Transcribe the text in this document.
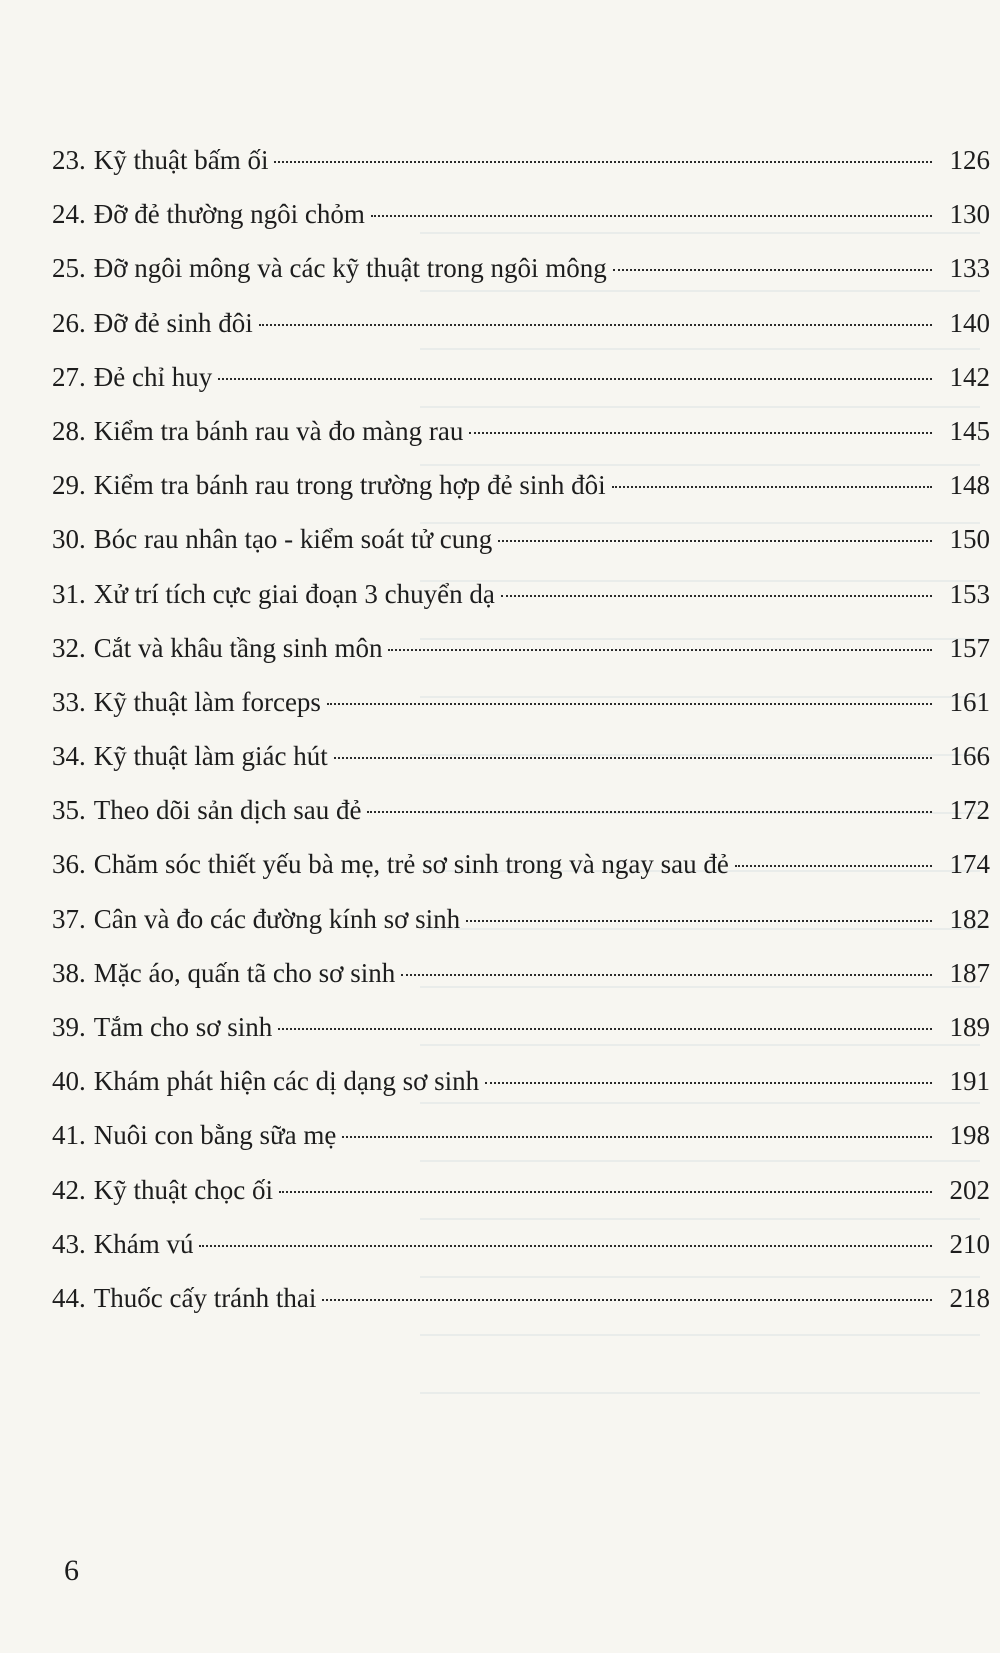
23. Kỹ thuật bấm ối	126
24. Đỡ đẻ thường ngôi chỏm	130
25. Đỡ ngôi mông và các kỹ thuật trong ngôi mông	133
26. Đỡ đẻ sinh đôi	140
27. Đẻ chỉ huy	142
28. Kiểm tra bánh rau và đo màng rau	145
29. Kiểm tra bánh rau trong trường hợp đẻ sinh đôi	148
30. Bóc rau nhân tạo - kiểm soát tử cung	150
31. Xử trí tích cực giai đoạn 3 chuyển dạ	153
32. Cắt và khâu tầng sinh môn	157
33. Kỹ thuật làm forceps	161
34. Kỹ thuật làm giác hút	166
35. Theo dõi sản dịch sau đẻ	172
36. Chăm sóc thiết yếu bà mẹ, trẻ sơ sinh trong và ngay sau đẻ	174
37. Cân và đo các đường kính sơ sinh	182
38. Mặc áo, quấn tã cho sơ sinh	187
39. Tắm cho sơ sinh	189
40. Khám phát hiện các dị dạng sơ sinh	191
41. Nuôi con bằng sữa mẹ	198
42. Kỹ thuật chọc ối	202
43. Khám vú	210
44. Thuốc cấy tránh thai	218
6
